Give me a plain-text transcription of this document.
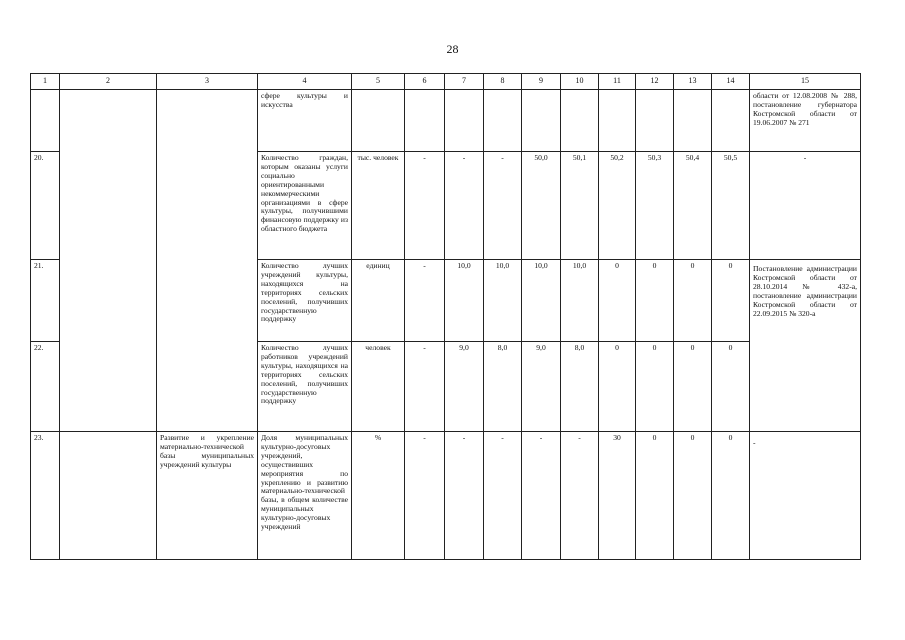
28
1	2	3	4	5	6	7	8	9	10	11	12	13	14	15
			сфере культуры и искусства											области от 12.08.2008 № 288, постановление губернатора Костромской области от 19.06.2007 № 271
20.			Количество граждан, которым оказаны услуги социально ориентированными некоммерческими организациями в сфере культуры, получившими финансовую поддержку из областного бюджета	тыс. человек	-	-	-	50,0	50,1	50,2	50,3	50,4	50,5	-
21.			Количество лучших учреждений культуры, находящихся на территориях сельских поселений, получивших государственную поддержку	единиц	-	10,0	10,0	10,0	10,0	0	0	0	0	Постановление администрации Костромской области от 28.10.2014 № 432-а, постановление администрации Костромской области от 22.09.2015 № 320-а
22.			Количество лучших работников учреждений культуры, находящихся на территориях сельских поселений, получивших государственную поддержку	человек	-	9,0	8,0	9,0	8,0	0	0	0	0	
23.		Развитие и укрепление материально-технической базы муниципальных учреждений культуры	Доля муниципальных культурно-досуговых учреждений, осуществивших мероприятия по укреплению и развитию материально-технической базы, в общем количестве муниципальных культурно-досуговых учреждений	%	-	-	-	-	-	30	0	0	0	-
